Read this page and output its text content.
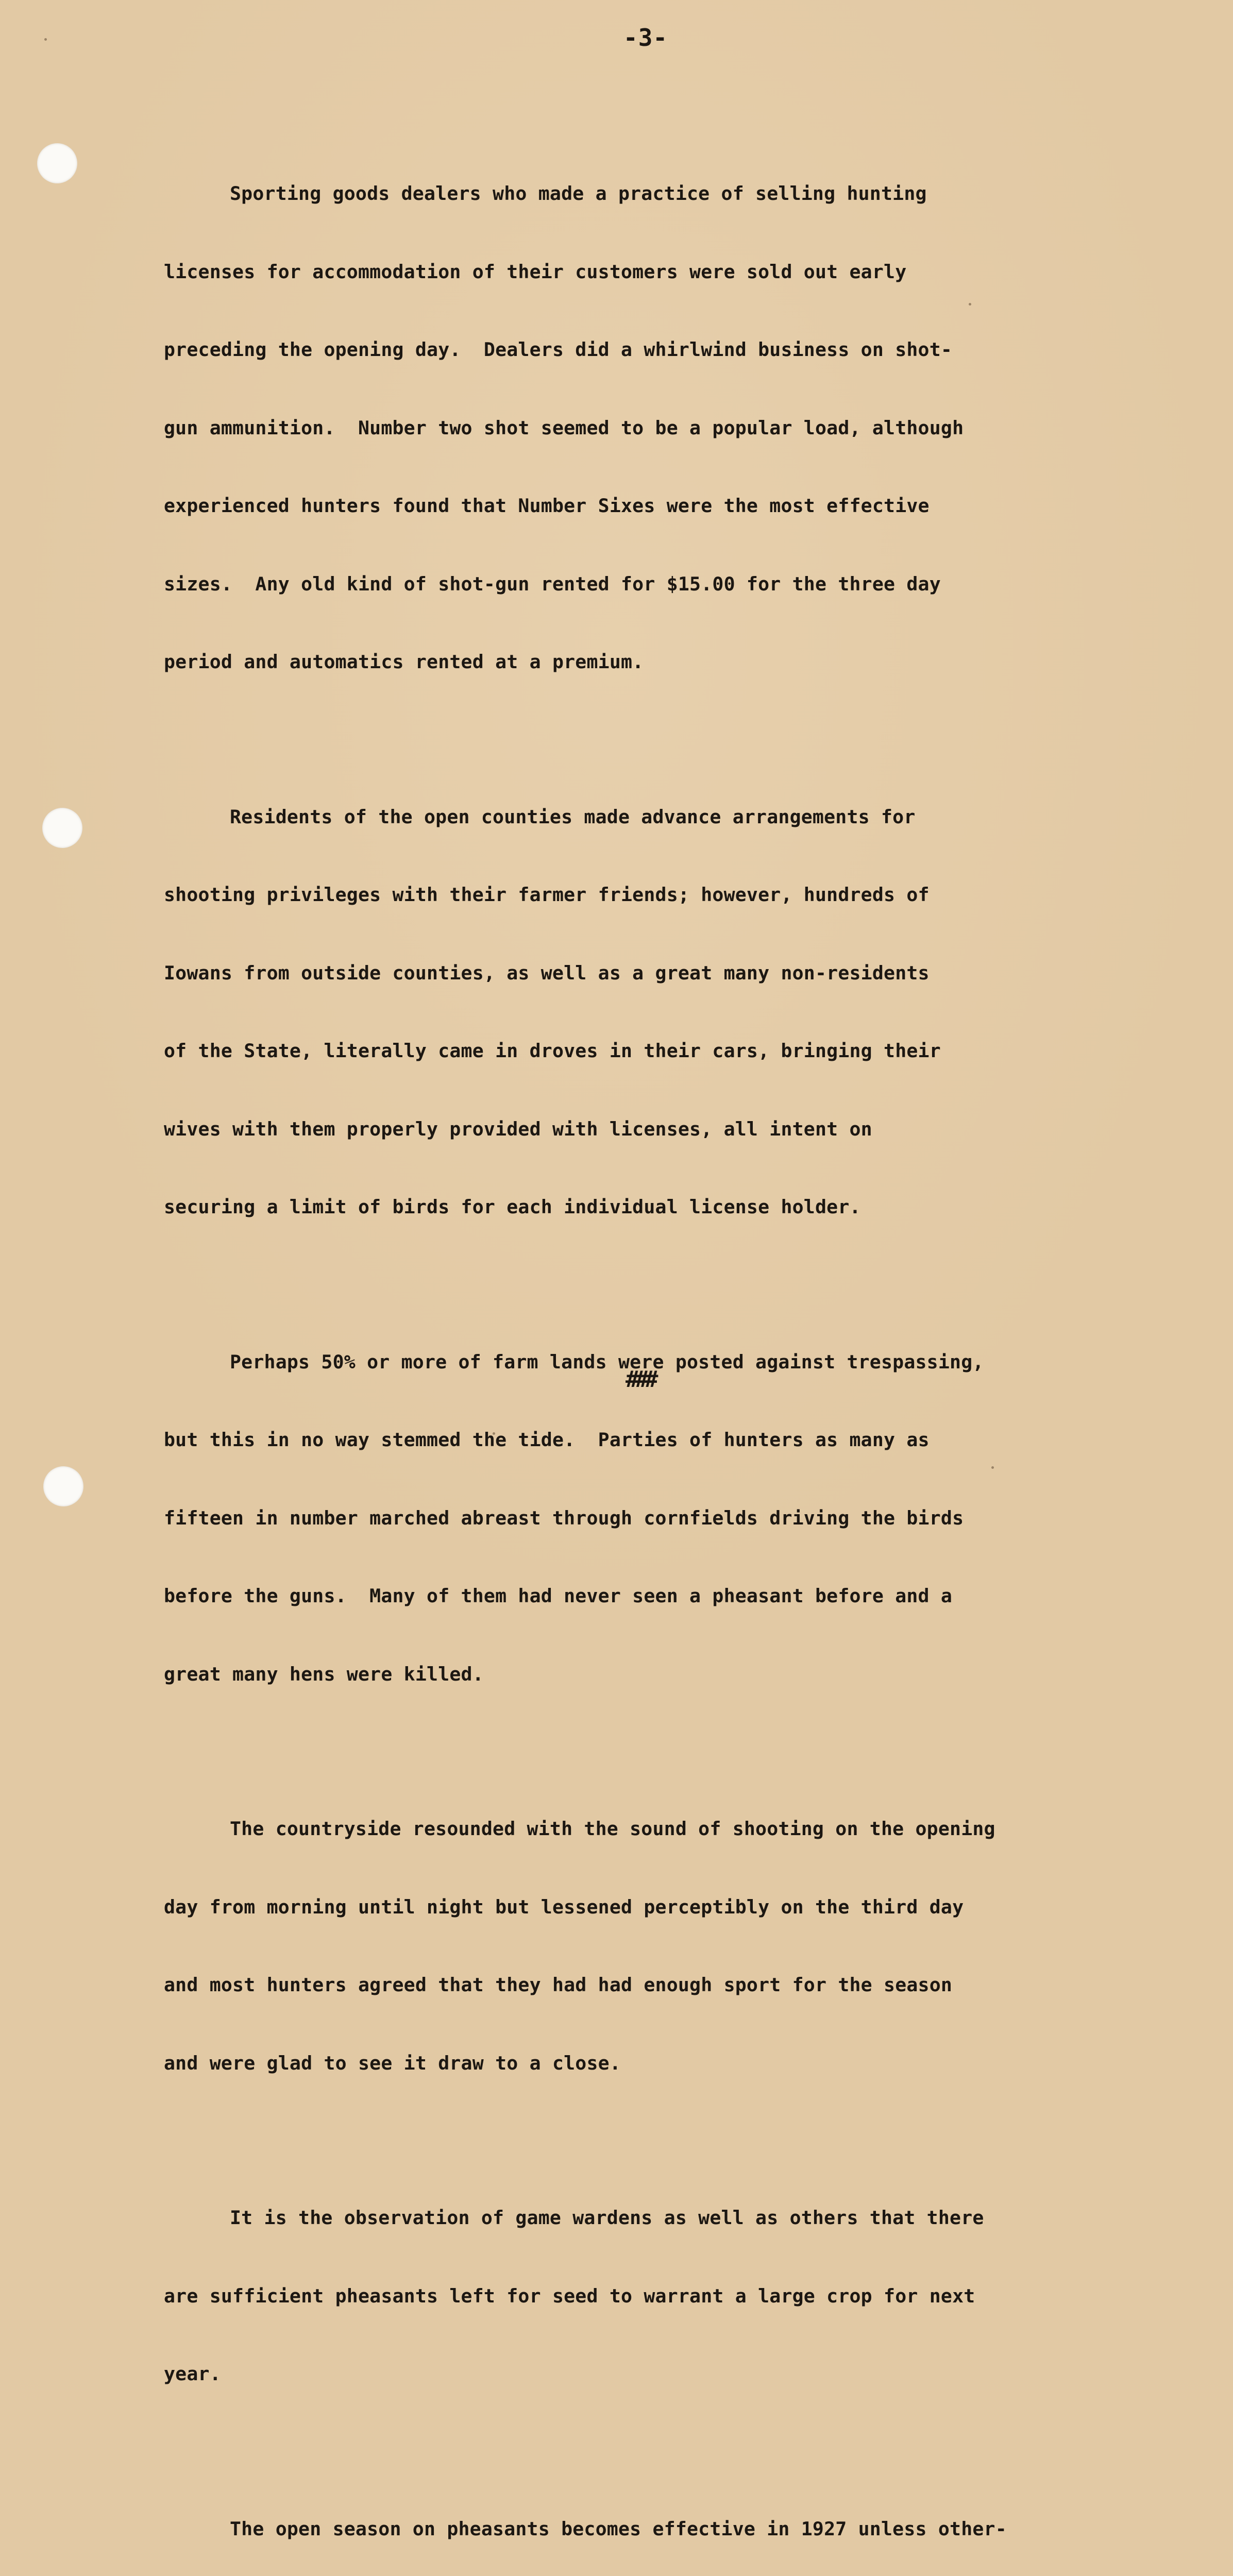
-3-

Sporting goods dealers who made a practice of selling hunting

licenses for accommodation of their customers were sold out early

preceding the opening day.  Dealers did a whirlwind business on shot-

gun ammunition.  Number two shot seemed to be a popular load, although

experienced hunters found that Number Sixes were the most effective

sizes.  Any old kind of shot-gun rented for $15.00 for the three day

period and automatics rented at a premium.

Residents of the open counties made advance arrangements for

shooting privileges with their farmer friends; however, hundreds of

Iowans from outside counties, as well as a great many non-residents

of the State, literally came in droves in their cars, bringing their

wives with them properly provided with licenses, all intent on

securing a limit of birds for each individual license holder.

Perhaps 50% or more of farm lands were posted against trespassing,

but this in no way stemmed the tide.  Parties of hunters as many as

fifteen in number marched abreast through cornfields driving the birds

before the guns.  Many of them had never seen a pheasant before and a

great many hens were killed.

The countryside resounded with the sound of shooting on the opening

day from morning until night but lessened perceptibly on the third day

and most hunters agreed that they had had enough sport for the season

and were glad to see it draw to a close.

It is the observation of game wardens as well as others that there

are sufficient pheasants left for seed to warrant a large crop for next

year.

The open season on pheasants becomes effective in 1927 unless other-

###
